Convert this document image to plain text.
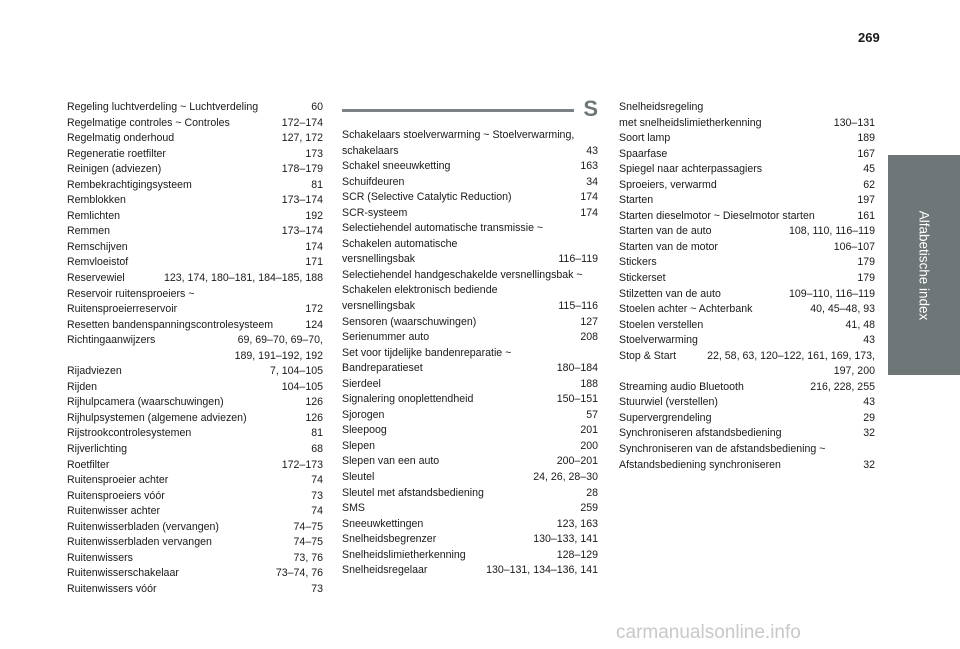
269
Alfabetische index
S
Regeling luchtverdeling ~ Luchtverdeling	60
Regelmatige controles ~ Controles	172–174
Regelmatig onderhoud	127, 172
Regeneratie roetfilter	173
Reinigen (adviezen)	178–179
Rembekrachtigingsysteem	81
Remblokken	173–174
Remlichten	192
Remmen	173–174
Remschijven	174
Remvloeistof	171
Reservewiel	123, 174, 180–181, 184–185, 188
Reservoir ruitensproeiers ~
Ruitensproeierreservoir	172
Resetten bandenspanningscontrolesysteem	124
Richtingaanwijzers	69, 69–70, 69–70,
189, 191–192, 192
Rijadviezen	7, 104–105
Rijden	104–105
Rijhulpcamera (waarschuwingen)	126
Rijhulpsystemen (algemene adviezen)	126
Rijstrookcontrolesystemen	81
Rijverlichting	68
Roetfilter	172–173
Ruitensproeier achter	74
Ruitensproeiers vóór	73
Ruitenwisser achter	74
Ruitenwisserbladen (vervangen)	74–75
Ruitenwisserbladen vervangen	74–75
Ruitenwissers	73, 76
Ruitenwisserschakelaar	73–74, 76
Ruitenwissers vóór	73
Schakelaars stoelverwarming ~ Stoelverwarming,
schakelaars	43
Schakel sneeuwketting	163
Schuifdeuren	34
SCR (Selective Catalytic Reduction)	174
SCR-systeem	174
Selectiehendel automatische transmissie ~
Schakelen automatische
versnellingsbak	116–119
Selectiehendel handgeschakelde versnellingsbak ~
Schakelen elektronisch bediende
versnellingsbak	115–116
Sensoren (waarschuwingen)	127
Serienummer auto	208
Set voor tijdelijke bandenreparatie ~
Bandreparatieset	180–184
Sierdeel	188
Signalering onoplettendheid	150–151
Sjorogen	57
Sleepoog	201
Slepen	200
Slepen van een auto	200–201
Sleutel	24, 26, 28–30
Sleutel met afstandsbediening	28
SMS	259
Sneeuwkettingen	123, 163
Snelheidsbegrenzer	130–133, 141
Snelheidslimietherkenning	128–129
Snelheidsregelaar	130–131, 134–136, 141
Snelheidsregeling
met snelheidslimietherkenning	130–131
Soort lamp	189
Spaarfase	167
Spiegel naar achterpassagiers	45
Sproeiers, verwarmd	62
Starten	197
Starten dieselmotor ~ Dieselmotor starten	161
Starten van de auto	108, 110, 116–119
Starten van de motor	106–107
Stickers	179
Stickerset	179
Stilzetten van de auto	109–110, 116–119
Stoelen achter ~ Achterbank	40, 45–48, 93
Stoelen verstellen	41, 48
Stoelverwarming	43
Stop & Start	22, 58, 63, 120–122, 161, 169, 173,
197, 200
Streaming audio Bluetooth	216, 228, 255
Stuurwiel (verstellen)	43
Supervergrendeling	29
Synchroniseren afstandsbediening	32
Synchroniseren van de afstandsbediening ~
Afstandsbediening synchroniseren	32
carmanualsonline.info
